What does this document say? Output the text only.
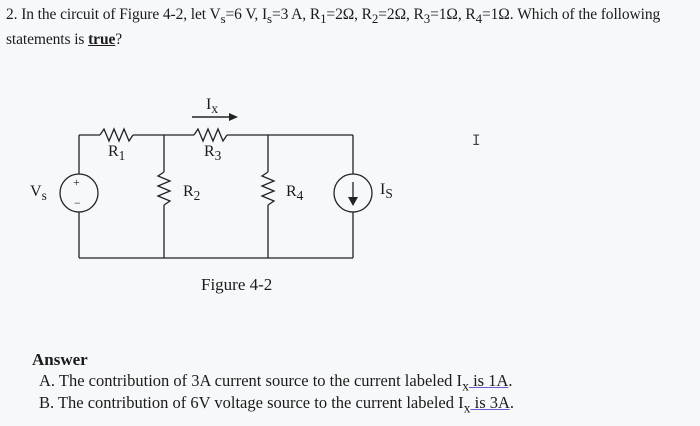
2. In the circuit of Figure 4-2, let $V_s=6$ V, $I_s=3$ A, $R_1=2\Omega$, $R_2=2\Omega$, $R_3=1\Omega$, $R_4=1\Omega$. Which of the following
statements is true?
$I_x$
$R_1$	$R_3$
$V_s$
+
−
$R_2$	$R_4$	$I_S$
I
Figure 4-2
Answer
A. The contribution of 3A current source to the current labeled $I_x$ is 1A.
B. The contribution of 6V voltage source to the current labeled $I_x$ is 3A.
